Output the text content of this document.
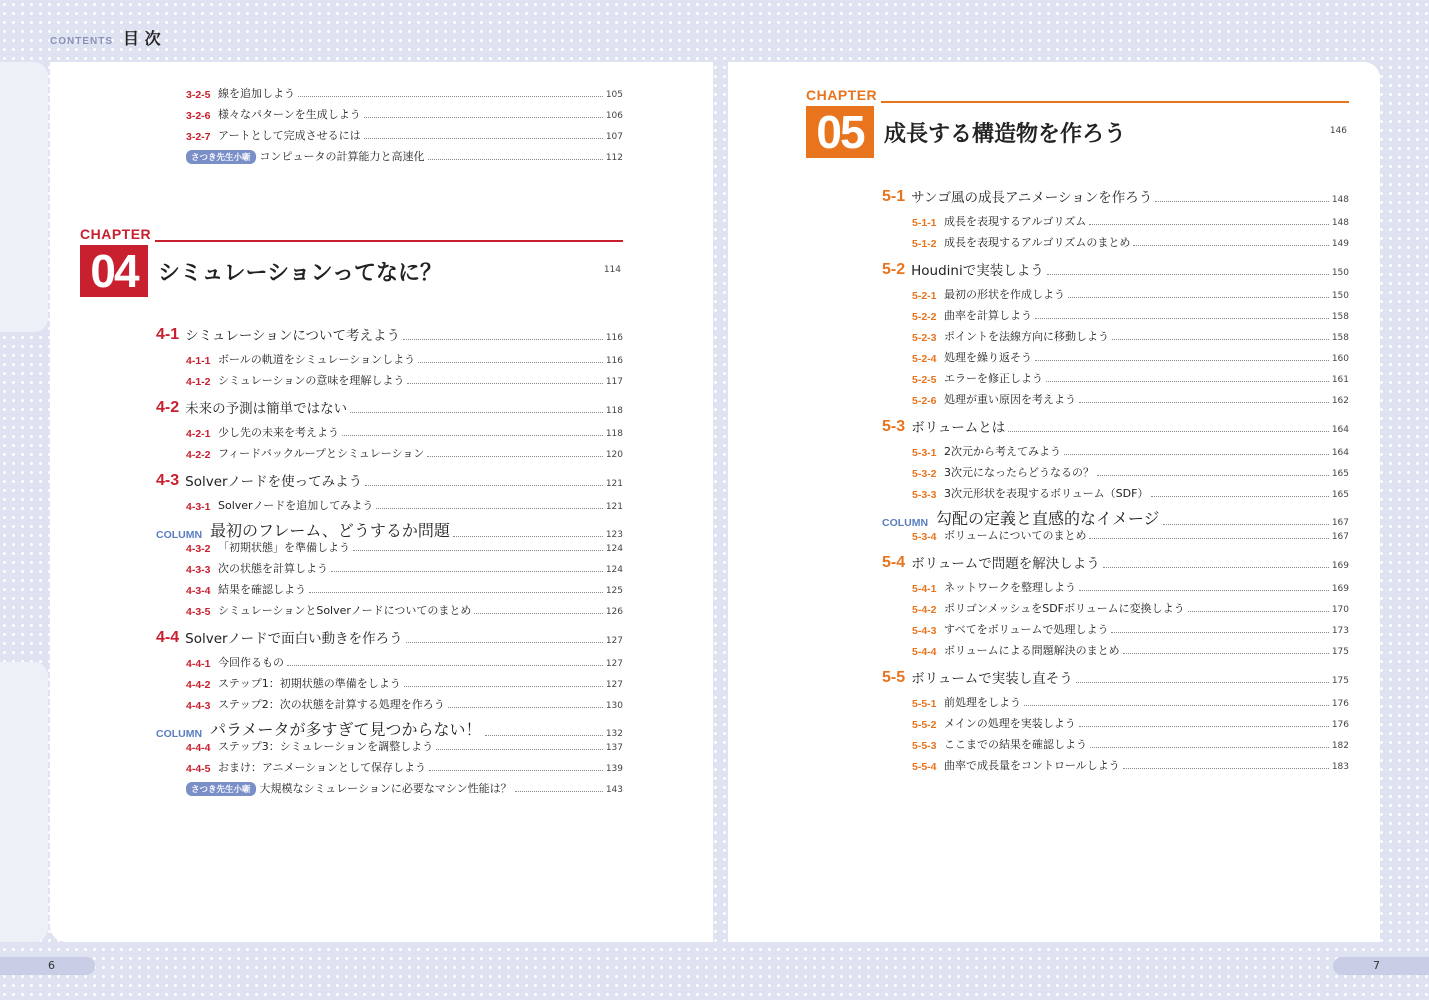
CONTENTS 目 次
3-2-5 線を追加しよう	105
3-2-6 様々なパターンを生成しよう	106
3-2-7 アートとして完成させるには	107
さつき先生小噺 コンピュータの計算能力と高速化	112
CHAPTER
04 シミュレーションってなに？	114
4-1 シミュレーションについて考えよう	116
4-1-1 ボールの軌道をシミュレーションしよう	116
4-1-2 シミュレーションの意味を理解しよう	117
4-2 未来の予測は簡単ではない	118
4-2-1 少し先の未来を考えよう	118
4-2-2 フィードバックループとシミュレーション	120
4-3 Solverノードを使ってみよう	121
4-3-1 Solverノードを追加してみよう	121
COLUMN 最初のフレーム、どうするか問題	123
4-3-2 「初期状態」を準備しよう	124
4-3-3 次の状態を計算しよう	124
4-3-4 結果を確認しよう	125
4-3-5 シミュレーションとSolverノードについてのまとめ	126
4-4 Solverノードで面白い動きを作ろう	127
4-4-1 今回作るもの	127
4-4-2 ステップ1：初期状態の準備をしよう	127
4-4-3 ステップ2：次の状態を計算する処理を作ろう	130
COLUMN パラメータが多すぎて見つからない！	132
4-4-4 ステップ3：シミュレーションを調整しよう	137
4-4-5 おまけ：アニメーションとして保存しよう	139
さつき先生小噺 大規模なシミュレーションに必要なマシン性能は？	143
CHAPTER
05 成長する構造物を作ろう	146
5-1 サンゴ風の成長アニメーションを作ろう	148
5-1-1 成長を表現するアルゴリズム	148
5-1-2 成長を表現するアルゴリズムのまとめ	149
5-2 Houdiniで実装しよう	150
5-2-1 最初の形状を作成しよう	150
5-2-2 曲率を計算しよう	158
5-2-3 ポイントを法線方向に移動しよう	158
5-2-4 処理を繰り返そう	160
5-2-5 エラーを修正しよう	161
5-2-6 処理が重い原因を考えよう	162
5-3 ボリュームとは	164
5-3-1 2次元から考えてみよう	164
5-3-2 3次元になったらどうなるの？	165
5-3-3 3次元形状を表現するボリューム（SDF）	165
COLUMN 勾配の定義と直感的なイメージ	167
5-3-4 ボリュームについてのまとめ	167
5-4 ボリュームで問題を解決しよう	169
5-4-1 ネットワークを整理しよう	169
5-4-2 ポリゴンメッシュをSDFボリュームに変換しよう	170
5-4-3 すべてをボリュームで処理しよう	173
5-4-4 ボリュームによる問題解決のまとめ	175
5-5 ボリュームで実装し直そう	175
5-5-1 前処理をしよう	176
5-5-2 メインの処理を実装しよう	176
5-5-3 ここまでの結果を確認しよう	182
5-5-4 曲率で成長量をコントロールしよう	183
6	7
